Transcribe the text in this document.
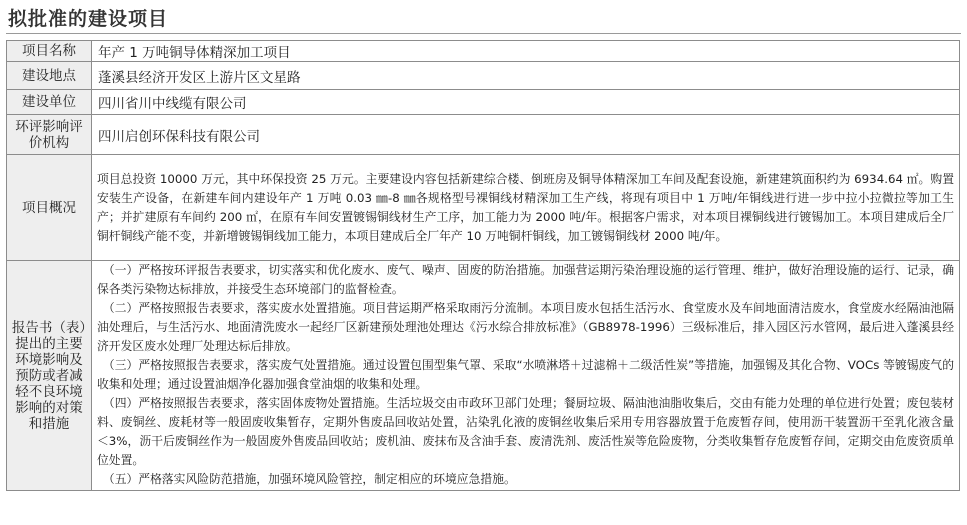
拟批准的建设项目
项目名称	年产 1 万吨铜导体精深加工项目
建设地点	蓬溪县经济开发区上游片区文星路
建设单位	四川省川中线缆有限公司
环评影响评价机构	四川启创环保科技有限公司
项目概况	项目总投资 10000 万元，其中环保投资 25 万元。主要建设内容包括新建综合楼、倒班房及铜导体精深加工车间及配套设施，新建建筑面积约为 6934.64 ㎡。购置安装生产设备，在新建车间内建设年产 1 万吨 0.03 ㎜-8 ㎜各规格型号裸铜线材精深加工生产线，将现有项目中 1 万吨/年铜线进行进一步中拉小拉微拉等加工生产；并扩建原有车间约 200 ㎡，在原有车间安置镀锡铜线材生产工序，加工能力为 2000 吨/年。根据客户需求，对本项目裸铜线进行镀锡加工。本项目建成后全厂铜杆铜线产能不变，并新增镀锡铜线加工能力，本项目建成后全厂年产 10 万吨铜杆铜线，加工镀锡铜线材 2000 吨/年。
报告书（表）提出的主要环境影响及预防或者减轻不良环境影响的对策和措施	（一）严格按环评报告表要求，切实落实和优化废水、废气、噪声、固废的防治措施。加强营运期污染治理设施的运行管理、维护，做好治理设施的运行、记录，确保各类污染物达标排放，并接受生态环境部门的监督检查。

（二）严格按照报告表要求，落实废水处置措施。项目营运期严格采取雨污分流制。本项目废水包括生活污水、食堂废水及车间地面清洁废水，食堂废水经隔油池隔油处理后，与生活污水、地面清洗废水一起经厂区新建预处理池处理达《污水综合排放标准》（GB8978-1996）三级标准后，排入园区污水管网，最后进入蓬溪县经济开发区废水处理厂处理达标后排放。

（三）严格按照报告表要求，落实废气处置措施。通过设置包围型集气罩、采取“水喷淋塔＋过滤棉＋二级活性炭”等措施，加强锡及其化合物、VOCs 等镀锡废气的收集和处理；通过设置油烟净化器加强食堂油烟的收集和处理。

（四）严格按照报告表要求，落实固体废物处置措施。生活垃圾交由市政环卫部门处理；餐厨垃圾、隔油池油脂收集后，交由有能力处理的单位进行处置；废包装材料、废铜丝、废耗材等一般固废收集暂存，定期外售废品回收站处置，沾染乳化液的废铜丝收集后采用专用容器放置于危废暂存间，使用沥干装置沥干至乳化液含量＜3%，沥干后废铜丝作为一般固废外售废品回收站；废机油、废抹布及含油手套、废清洗剂、废活性炭等危险废物，分类收集暂存危废暂存间，定期交由危废资质单位处置。

（五）严格落实风险防范措施，加强环境风险管控，制定相应的环境应急措施。
